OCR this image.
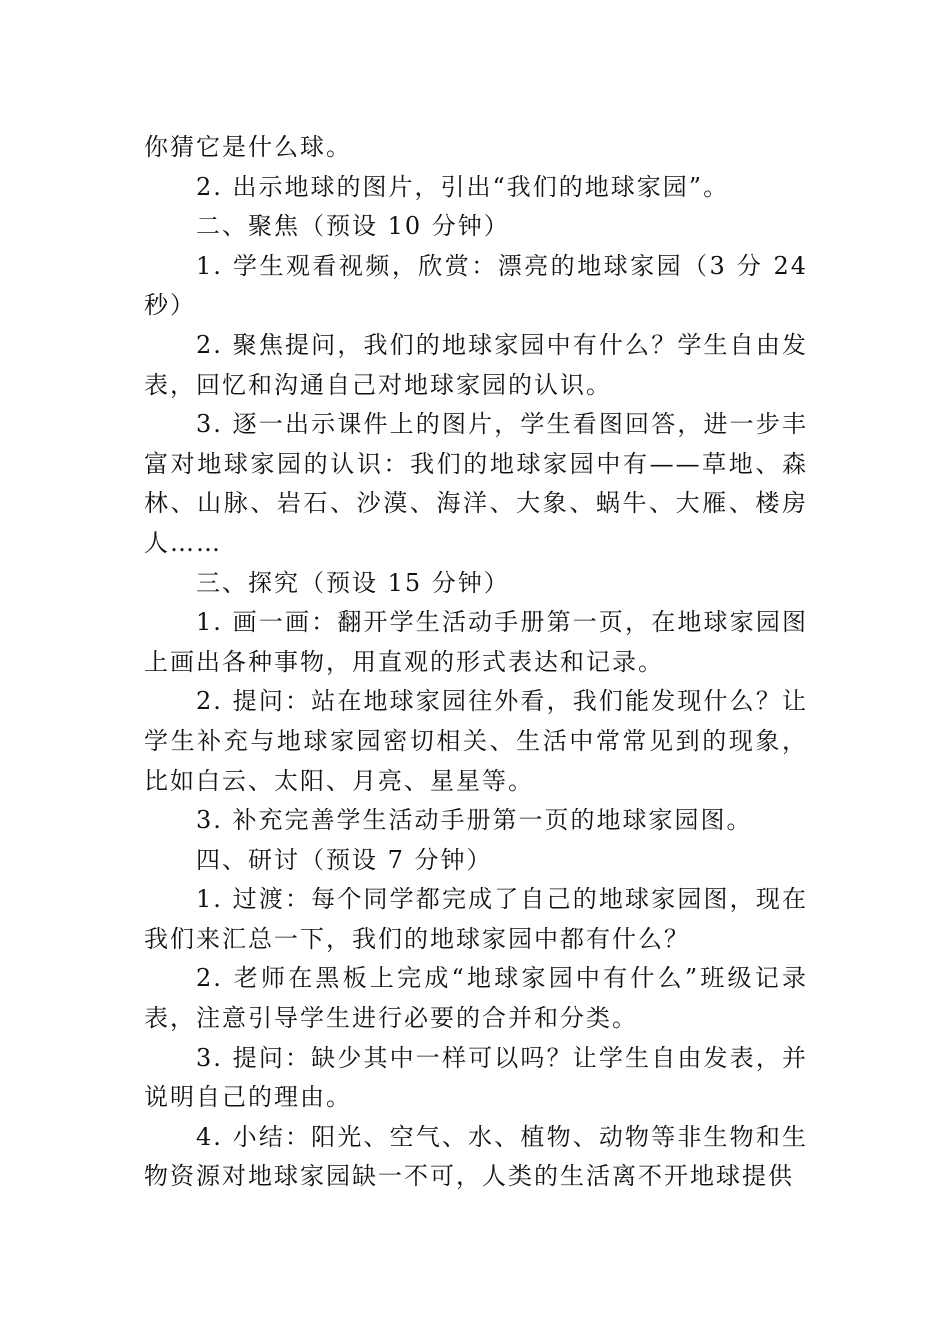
你猜它是什么球。

2. 出示地球的图片，引出“我们的地球家园”。

二、聚焦（预设 10 分钟）

1. 学生观看视频，欣赏：漂亮的地球家园（3 分 24 秒）

2. 聚焦提问，我们的地球家园中有什么？学生自由发表，回忆和沟通自己对地球家园的认识。

3. 逐一出示课件上的图片，学生看图回答，进一步丰富对地球家园的认识：我们的地球家园中有——草地、森林、山脉、岩石、沙漠、海洋、大象、蜗牛、大雁、楼房人……

三、探究（预设 15 分钟）

1. 画一画：翻开学生活动手册第一页，在地球家园图上画出各种事物，用直观的形式表达和记录。

2. 提问：站在地球家园往外看，我们能发现什么？让学生补充与地球家园密切相关、生活中常常见到的现象，比如白云、太阳、月亮、星星等。

3. 补充完善学生活动手册第一页的地球家园图。

四、研讨（预设 7 分钟）

1. 过渡：每个同学都完成了自己的地球家园图，现在我们来汇总一下，我们的地球家园中都有什么？

2. 老师在黑板上完成“地球家园中有什么”班级记录表，注意引导学生进行必要的合并和分类。

3. 提问：缺少其中一样可以吗？让学生自由发表，并说明自己的理由。

4. 小结：阳光、空气、水、植物、动物等非生物和生物资源对地球家园缺一不可，人类的生活离不开地球提供
